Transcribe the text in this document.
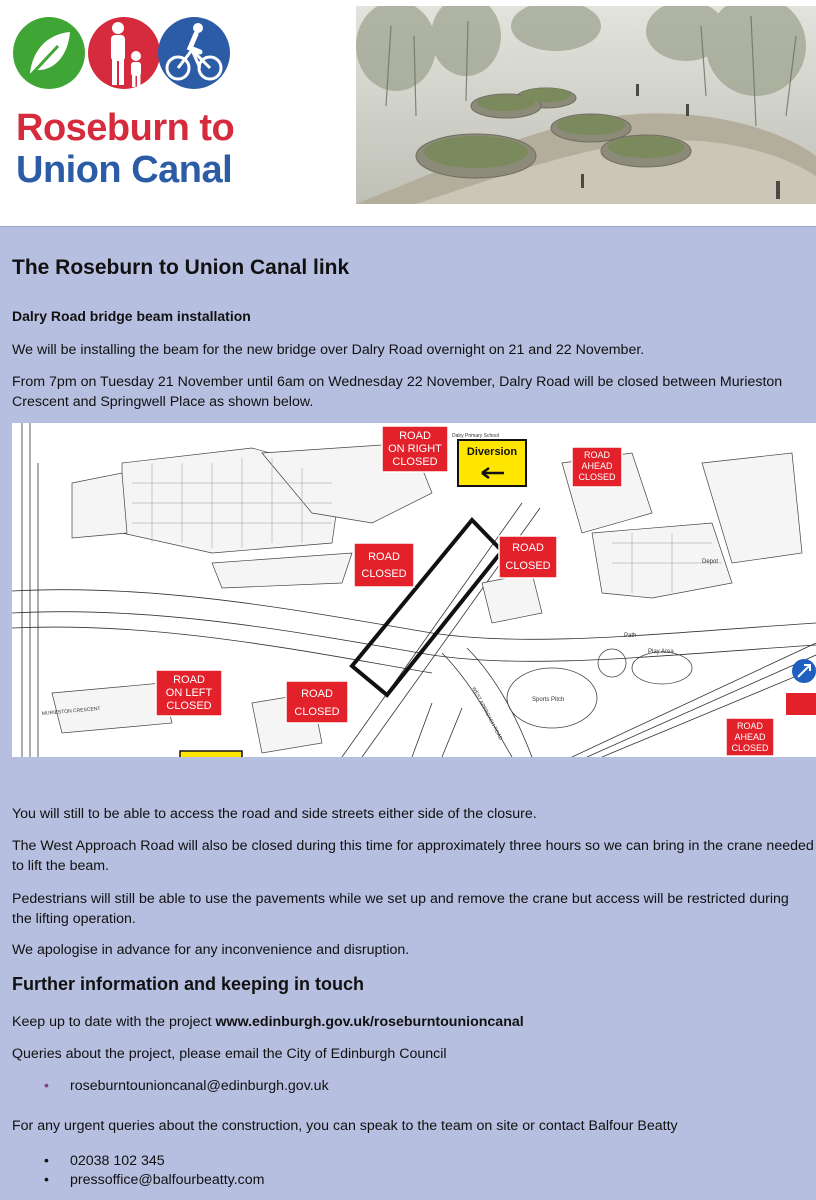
Roseburn to
Union Canal
The Roseburn to Union Canal link
Dalry Road bridge beam installation
We will be installing the beam for the new bridge over Dalry Road overnight on 21 and 22 November.
From 7pm on Tuesday 21 November until 6am on Wednesday 22 November, Dalry Road will be closed between Murieston Crescent and Springwell Place as shown below.
Sports Pitch
Play Area
Depot
Path
MURIESTON CRESCENT	WEST APPROACH ROAD
Dalry Primary School
ROAD
ON RIGHT
CLOSED
Diversion	ROAD
AHEAD
CLOSED
ROAD
CLOSED
ROAD
CLOSED
ROAD
ON LEFT
CLOSED
ROAD
CLOSED
ROAD
AHEAD
CLOSED
You will still to be able to access the road and side streets either side of the closure.
The West Approach Road will also be closed during this time for approximately three hours so we can bring in the crane needed to lift the beam.
Pedestrians will still be able to use the pavements while we set up and remove the crane but access will be restricted during the lifting operation.
We apologise in advance for any inconvenience and disruption.
Further information and keeping in touch
Keep up to date with the project www.edinburgh.gov.uk/roseburntounioncanal
Queries about the project, please email the City of Edinburgh Council
• roseburntounioncanal@edinburgh.gov.uk
For any urgent queries about the construction, you can speak to the team on site or contact Balfour Beatty
• 02038 102 345
• pressoffice@balfourbeatty.com
